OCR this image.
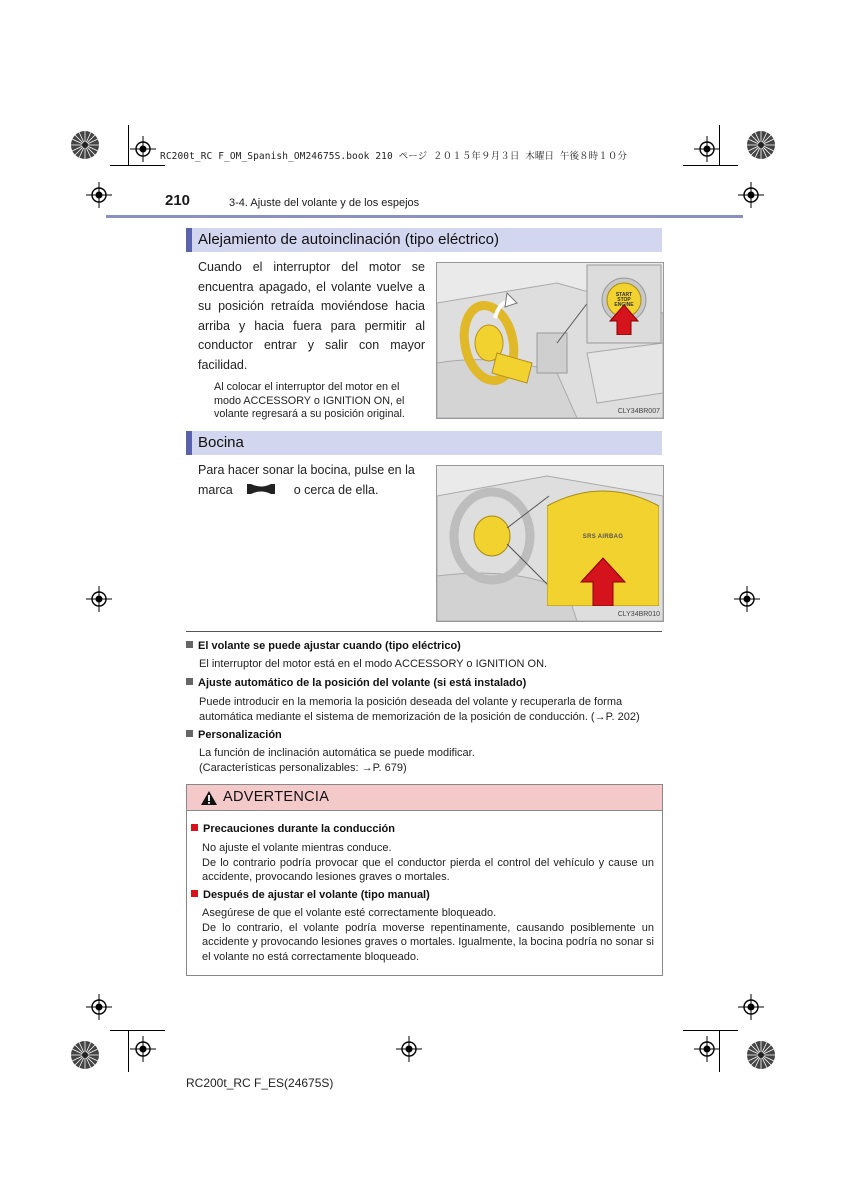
RC200t_RC F_OM_Spanish_OM24675S.book 210 ページ ２０１５年９月３日 木曜日 午後８時１０分
210	3-4. Ajuste del volante y de los espejos
Alejamiento de autoinclinación (tipo eléctrico)
Cuando el interruptor del motor se encuentra apagado, el volante vuelve a su posición retraída moviéndose hacia arriba y hacia fuera para permitir al conductor entrar y salir con mayor facilidad.
Al colocar el interruptor del motor en el modo ACCESSORY o IGNITION ON, el volante regresará a su posición original.
START
STOP
ENGINE
CLY34BR007
Bocina
Para hacer sonar la bocina, pulse en la
marca	o cerca de ella.
SRS AIRBAG
CLY34BR010
El volante se puede ajustar cuando (tipo eléctrico)
El interruptor del motor está en el modo ACCESSORY o IGNITION ON.
Ajuste automático de la posición del volante (si está instalado)
Puede introducir en la memoria la posición deseada del volante y recuperarla de forma automática mediante el sistema de memorización de la posición de conducción. (→P. 202)
Personalización
La función de inclinación automática se puede modificar. (Características personalizables: →P. 679)
ADVERTENCIA
Precauciones durante la conducción
No ajuste el volante mientras conduce.
De lo contrario podría provocar que el conductor pierda el control del vehículo y cause un accidente, provocando lesiones graves o mortales.
Después de ajustar el volante (tipo manual)
Asegúrese de que el volante esté correctamente bloqueado.
De lo contrario, el volante podría moverse repentinamente, causando posiblemente un accidente y provocando lesiones graves o mortales. Igualmente, la bocina podría no sonar si el volante no está correctamente bloqueado.
RC200t_RC F_ES(24675S)
